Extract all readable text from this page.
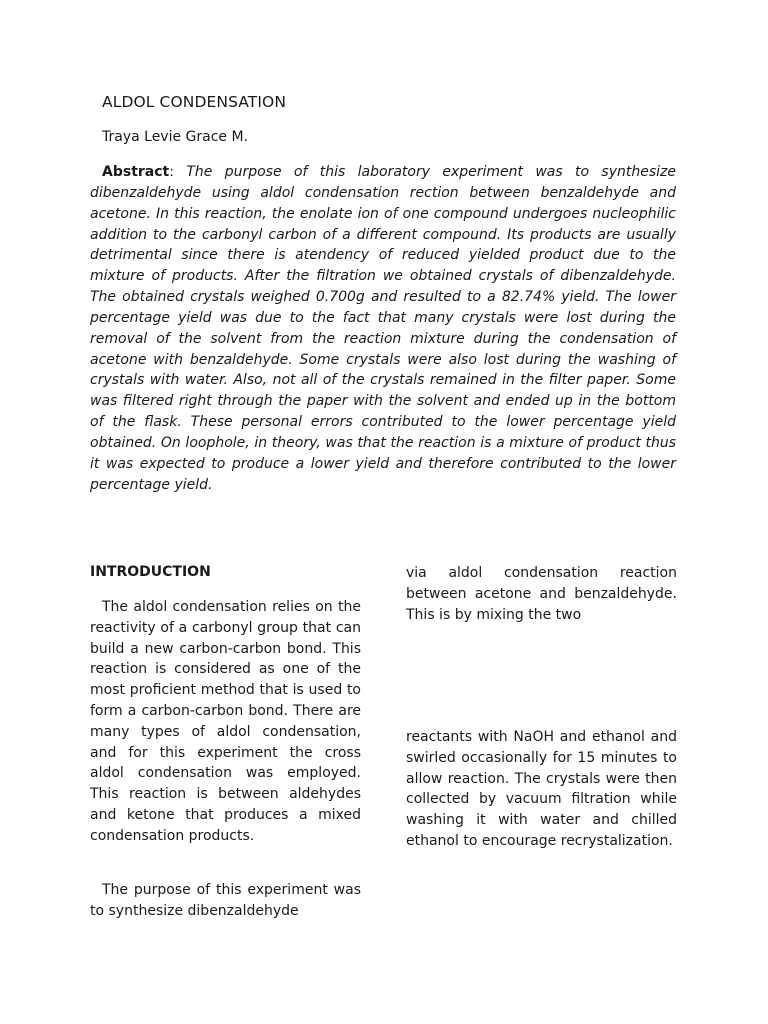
ALDOL CONDENSATION

Traya Levie Grace M.

Abstract: The purpose of this laboratory experiment was to synthesize dibenzaldehyde using aldol condensation rection between benzaldehyde and acetone. In this reaction, the enolate ion of one compound undergoes nucleophilic addition to the carbonyl carbon of a different compound. Its products are usually detrimental since there is atendency of reduced yielded product due to the mixture of products. After the filtration we obtained crystals of dibenzaldehyde. The obtained crystals weighed 0.700g and resulted to a 82.74% yield. The lower percentage yield was due to the fact that many crystals were lost during the removal of the solvent from the reaction mixture during the condensation of acetone with benzaldehyde. Some crystals were also lost during the washing of crystals with water. Also, not all of the crystals remained in the filter paper. Some was filtered right through the paper with the solvent and ended up in the bottom of the flask. These personal errors contributed to the lower percentage yield obtained. On loophole, in theory, was that the reaction is a mixture of product thus it was expected to produce a lower yield and therefore contributed to the lower percentage yield.

INTRODUCTION

The aldol condensation relies on the reactivity of a carbonyl group that can build a new carbon-carbon bond. This reaction is considered as one of the most proficient method that is used to form a carbon-carbon bond. There are many types of aldol condensation, and for this experiment the cross aldol condensation was employed. This reaction is between aldehydes and ketone that produces a mixed condensation products.

The purpose of this experiment was to synthesize dibenzaldehyde

via aldol condensation reaction between acetone and benzaldehyde. This is by mixing the two

reactants with NaOH and ethanol and swirled occasionally for 15 minutes to allow reaction. The crystals were then collected by vacuum filtration while washing it with water and chilled ethanol to encourage recrystalization.
